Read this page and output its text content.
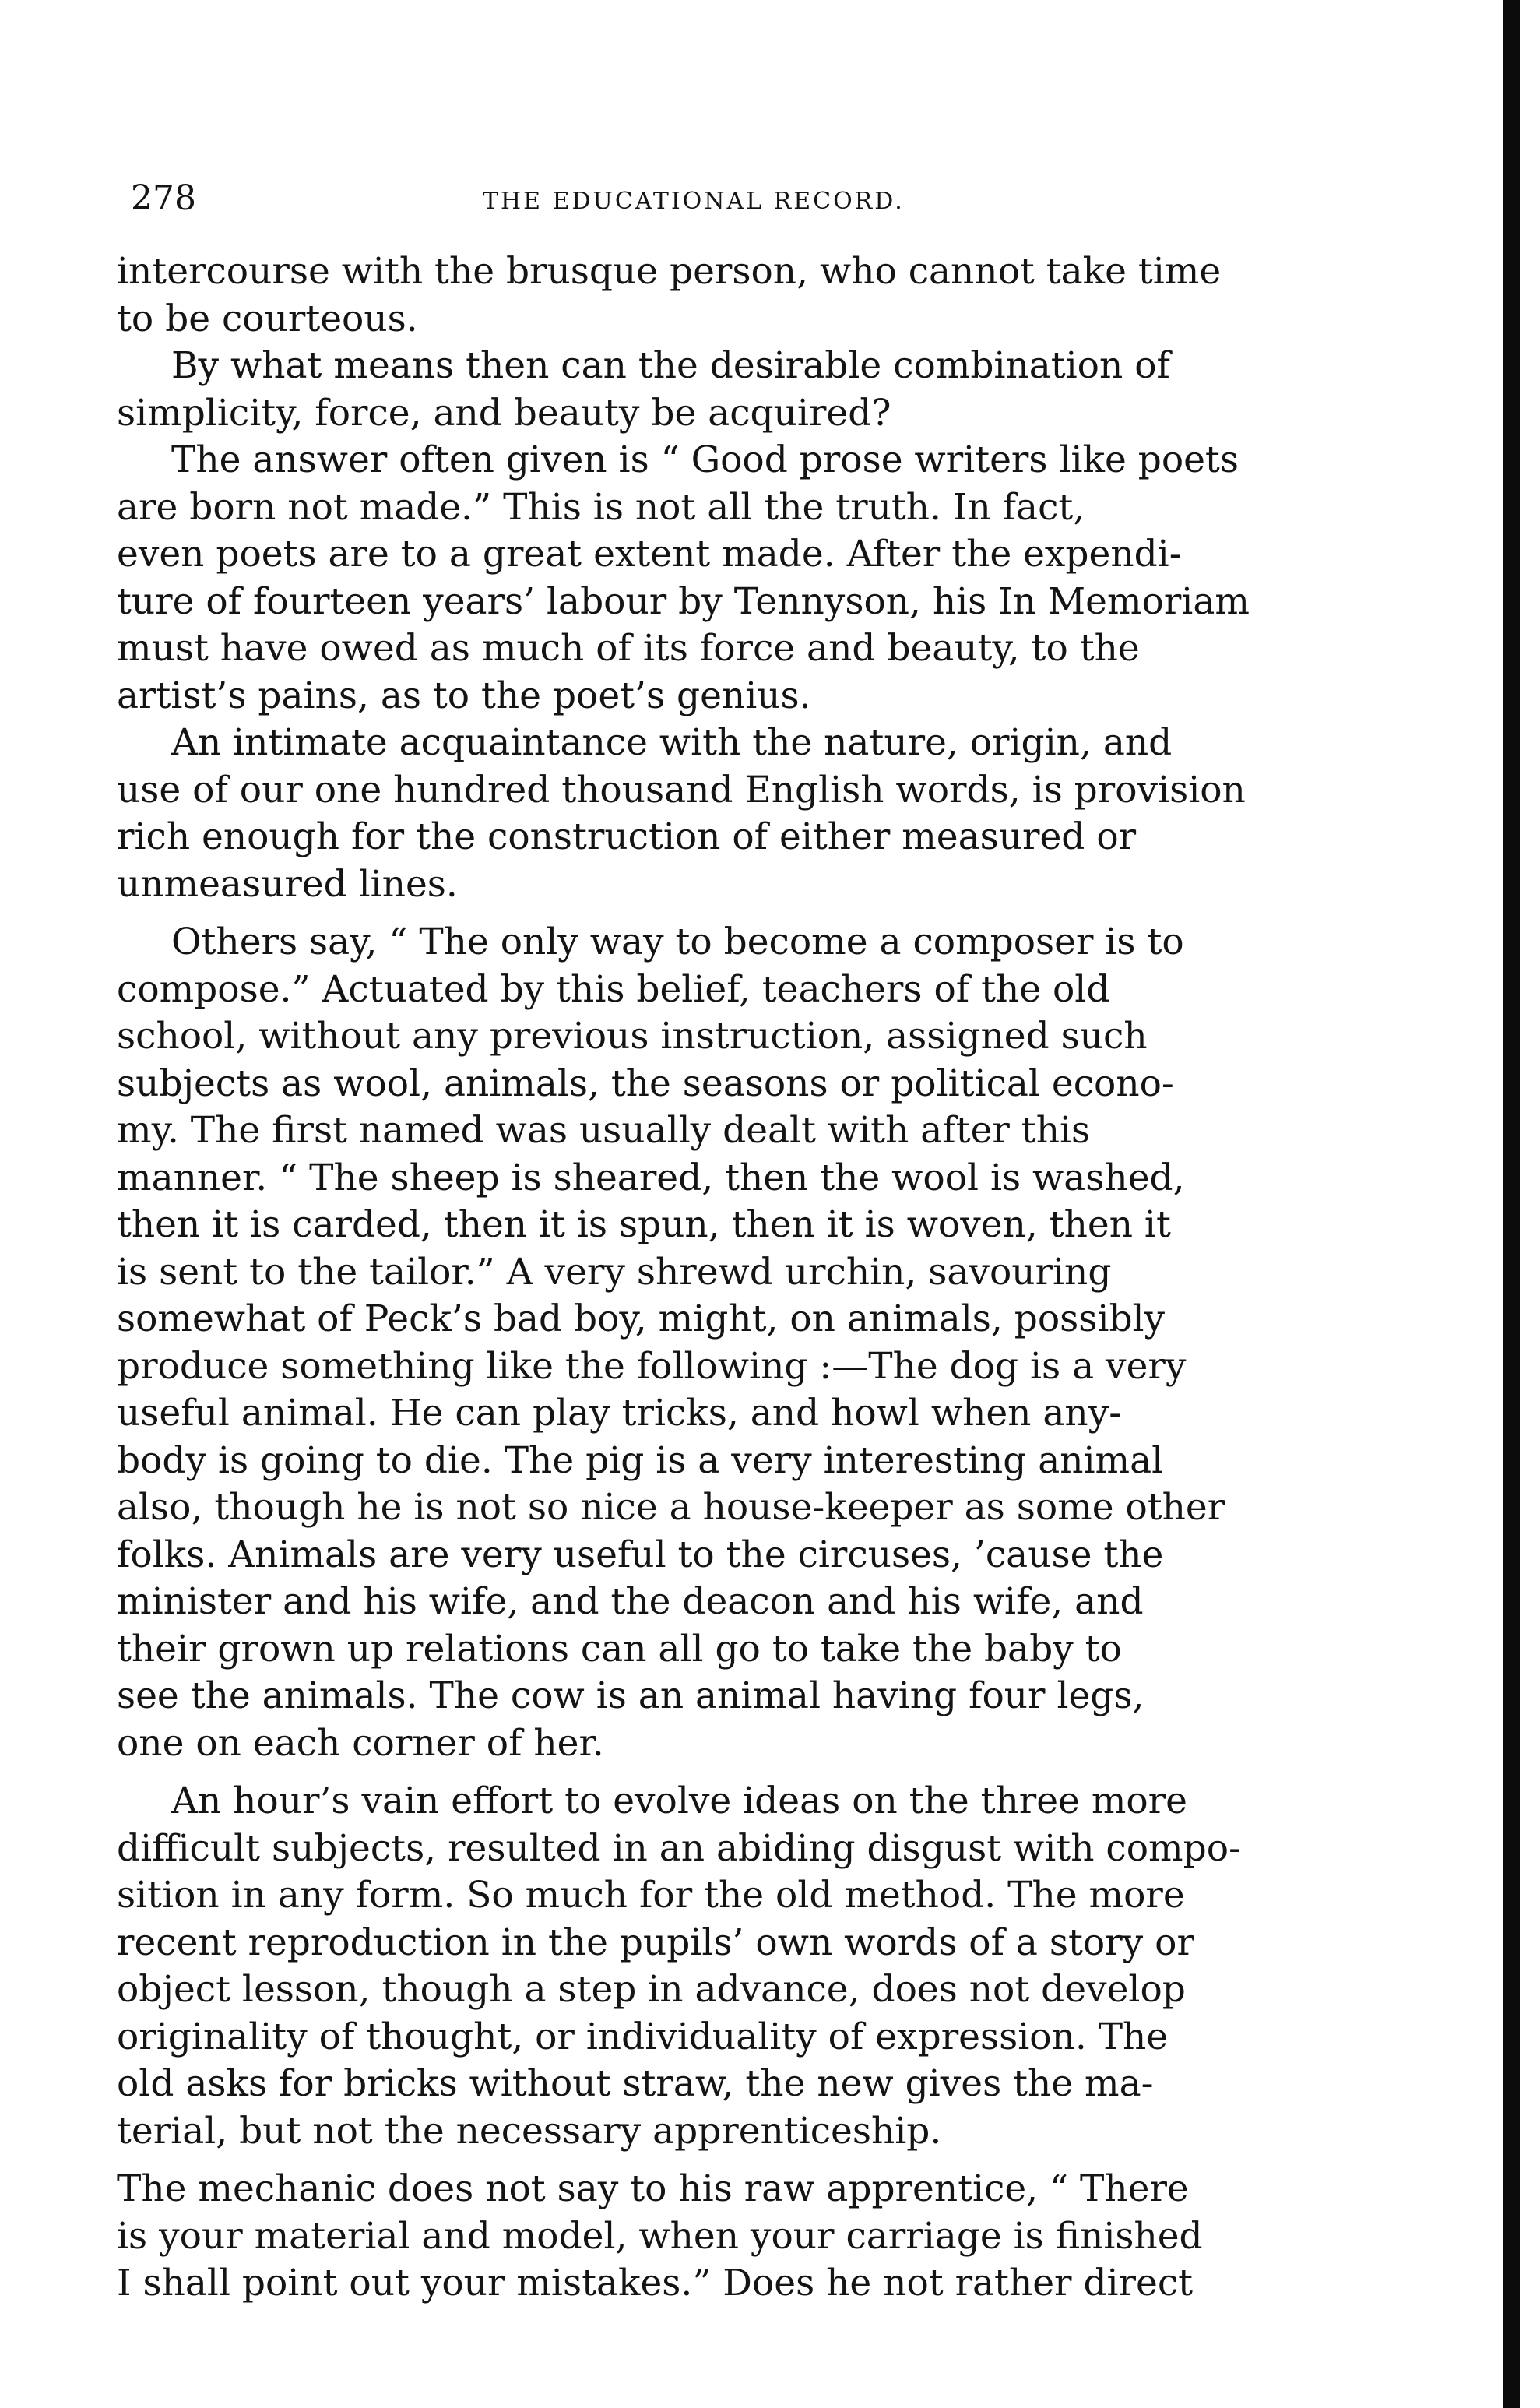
278	THE EDUCATIONAL RECORD.
intercourse with the brusque person, who cannot take time
to be courteous.
By what means then can the desirable combination of
simplicity, force, and beauty be acquired?
The answer often given is “ Good prose writers like poets
are born not made.” This is not all the truth. In fact,
even poets are to a great extent made. After the expendi-
ture of fourteen years’ labour by Tennyson, his In Memoriam
must have owed as much of its force and beauty, to the
artist’s pains, as to the poet’s genius.
An intimate acquaintance with the nature, origin, and
use of our one hundred thousand English words, is provision
rich enough for the construction of either measured or
unmeasured lines.
Others say, “ The only way to become a composer is to
compose.” Actuated by this belief, teachers of the old
school, without any previous instruction, assigned such
subjects as wool, animals, the seasons or political econo-
my. The first named was usually dealt with after this
manner. “ The sheep is sheared, then the wool is washed,
then it is carded, then it is spun, then it is woven, then it
is sent to the tailor.” A very shrewd urchin, savouring
somewhat of Peck’s bad boy, might, on animals, possibly
produce something like the following :—The dog is a very
useful animal. He can play tricks, and howl when any-
body is going to die. The pig is a very interesting animal
also, though he is not so nice a house-keeper as some other
folks. Animals are very useful to the circuses, ’cause the
minister and his wife, and the deacon and his wife, and
their grown up relations can all go to take the baby to
see the animals. The cow is an animal having four legs,
one on each corner of her.
An hour’s vain effort to evolve ideas on the three more
difficult subjects, resulted in an abiding disgust with compo-
sition in any form. So much for the old method. The more
recent reproduction in the pupils’ own words of a story or
object lesson, though a step in advance, does not develop
originality of thought, or individuality of expression. The
old asks for bricks without straw, the new gives the ma-
terial, but not the necessary apprenticeship.
The mechanic does not say to his raw apprentice, “ There
is your material and model, when your carriage is finished
I shall point out your mistakes.” Does he not rather direct
